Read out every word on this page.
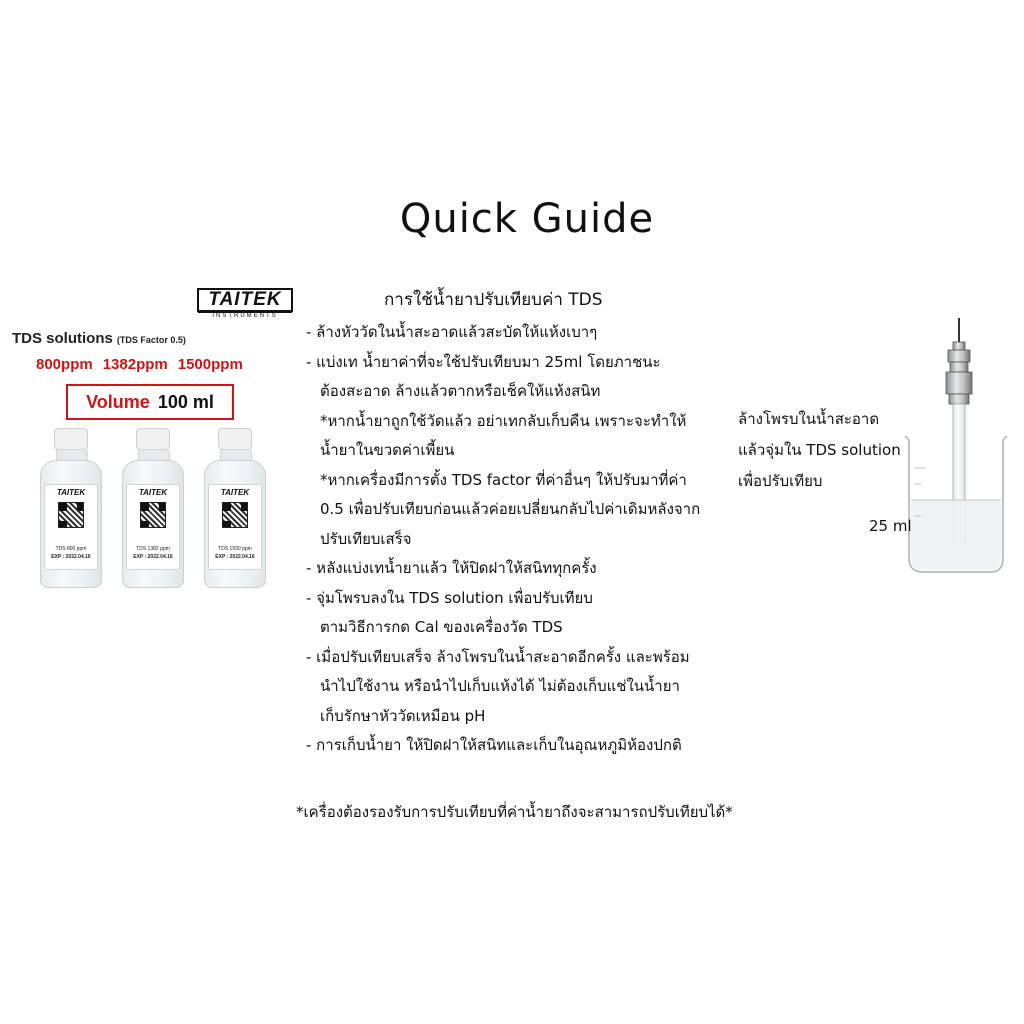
Quick Guide
TAITEK
INSTRUMENTS
TDS solutions (TDS Factor 0.5)
800ppm 1382ppm 1500ppm
Volume 100 ml
TAITEK
TDS 800 ppm
EXP : 2022.04.16
TAITEK
TDS 1382 ppm
EXP : 2022.04.16
TAITEK
TDS 1500 ppm
EXP : 2022.04.16
การใช้น้ำยาปรับเทียบค่า TDS
- ล้างหัววัดในน้ำสะอาดแล้วสะบัดให้แห้งเบาๆ
- แบ่งเท น้ำยาค่าที่จะใช้ปรับเทียบมา 25ml โดยภาชนะ
ต้องสะอาด ล้างแล้วตากหรือเช็คให้แห้งสนิท
*หากน้ำยาถูกใช้วัดแล้ว อย่าเทกลับเก็บคืน เพราะจะทำให้
น้ำยาในขวดค่าเพี้ยน
*หากเครื่องมีการตั้ง TDS factor ที่ค่าอื่นๆ ให้ปรับมาที่ค่า
0.5 เพื่อปรับเทียบก่อนแล้วค่อยเปลี่ยนกลับไปค่าเดิมหลังจาก
ปรับเทียบเสร็จ
- หลังแบ่งเทน้ำยาแล้ว ให้ปิดฝาให้สนิททุกครั้ง
- จุ่มโพรบลงใน TDS solution เพื่อปรับเทียบ
ตามวิธีการกด Cal ของเครื่องวัด TDS
- เมื่อปรับเทียบเสร็จ ล้างโพรบในน้ำสะอาดอีกครั้ง และพร้อม
นำไปใช้งาน หรือนำไปเก็บแห้งได้ ไม่ต้องเก็บแช่ในน้ำยา
เก็บรักษาหัววัดเหมือน pH
- การเก็บน้ำยา ให้ปิดฝาให้สนิทและเก็บในอุณหภูมิห้องปกติ
*เครื่องต้องรองรับการปรับเทียบที่ค่าน้ำยาถึงจะสามารถปรับเทียบได้*
ล้างโพรบในน้ำสะอาด
แล้วจุ่มใน TDS solution
เพื่อปรับเทียบ
25 ml
